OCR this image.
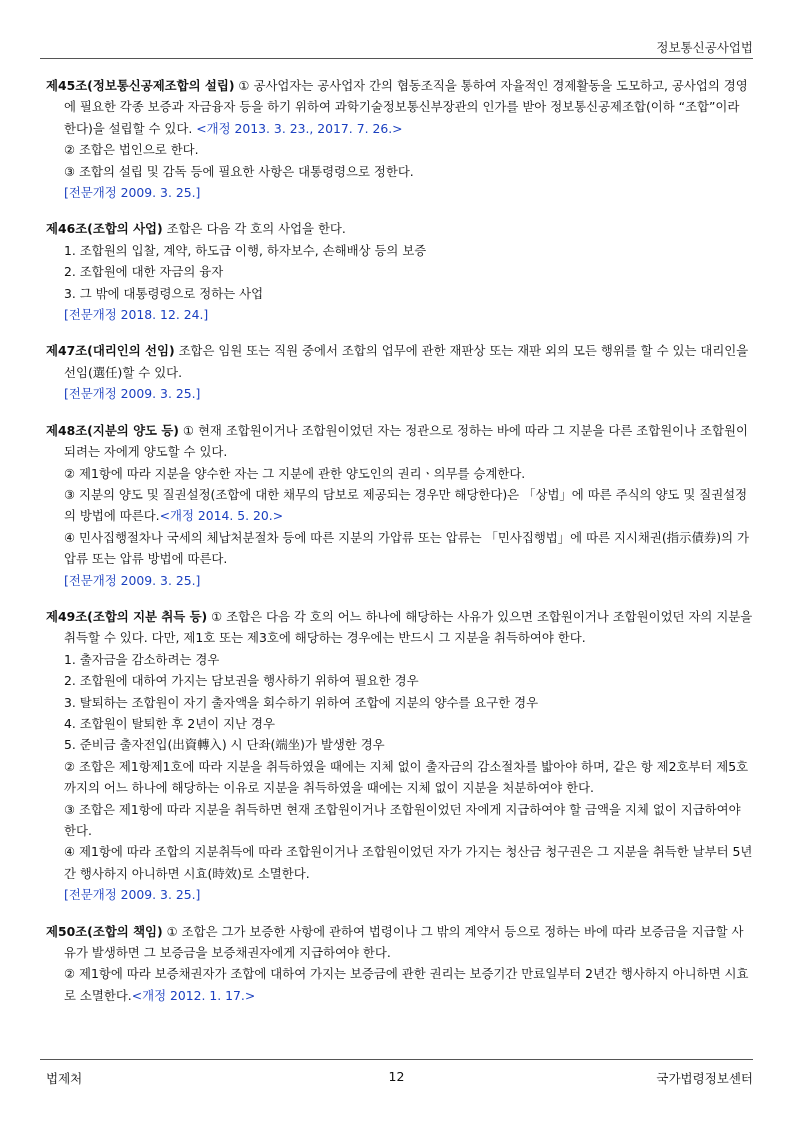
정보통신공사업법
제45조(정보통신공제조합의 설립) ① 공사업자는 공사업자 간의 협동조직을 통하여 자율적인 경제활동을 도모하고, 공사업의 경영에 필요한 각종 보증과 자금융자 등을 하기 위하여 과학기술정보통신부장관의 인가를 받아 정보통신공제조합(이하 “조합”이라 한다)을 설립할 수 있다. <개정 2013. 3. 23., 2017. 7. 26.>
② 조합은 법인으로 한다.
③ 조합의 설립 및 감독 등에 필요한 사항은 대통령령으로 정한다.
[전문개정 2009. 3. 25.]
제46조(조합의 사업) 조합은 다음 각 호의 사업을 한다.
1. 조합원의 입찰, 계약, 하도급 이행, 하자보수, 손해배상 등의 보증
2. 조합원에 대한 자금의 융자
3. 그 밖에 대통령령으로 정하는 사업
[전문개정 2018. 12. 24.]
제47조(대리인의 선임) 조합은 임원 또는 직원 중에서 조합의 업무에 관한 재판상 또는 재판 외의 모든 행위를 할 수 있는 대리인을 선임(選任)할 수 있다.
[전문개정 2009. 3. 25.]
제48조(지분의 양도 등) ① 현재 조합원이거나 조합원이었던 자는 정관으로 정하는 바에 따라 그 지분을 다른 조합원이나 조합원이 되려는 자에게 양도할 수 있다.
② 제1항에 따라 지분을 양수한 자는 그 지분에 관한 양도인의 권리ㆍ의무를 승계한다.
③ 지분의 양도 및 질권설정(조합에 대한 채무의 담보로 제공되는 경우만 해당한다)은 「상법」에 따른 주식의 양도 및 질권설정의 방법에 따른다.<개정 2014. 5. 20.>
④ 민사집행절차나 국세의 체납처분절차 등에 따른 지분의 가압류 또는 압류는 「민사집행법」에 따른 지시채권(指示債券)의 가압류 또는 압류 방법에 따른다.
[전문개정 2009. 3. 25.]
제49조(조합의 지분 취득 등) ① 조합은 다음 각 호의 어느 하나에 해당하는 사유가 있으면 조합원이거나 조합원이었던 자의 지분을 취득할 수 있다. 다만, 제1호 또는 제3호에 해당하는 경우에는 반드시 그 지분을 취득하여야 한다.
1. 출자금을 감소하려는 경우
2. 조합원에 대하여 가지는 담보권을 행사하기 위하여 필요한 경우
3. 탈퇴하는 조합원이 자기 출자액을 회수하기 위하여 조합에 지분의 양수를 요구한 경우
4. 조합원이 탈퇴한 후 2년이 지난 경우
5. 준비금 출자전입(出資轉入) 시 단좌(端坐)가 발생한 경우
② 조합은 제1항제1호에 따라 지분을 취득하였을 때에는 지체 없이 출자금의 감소절차를 밟아야 하며, 같은 항 제2호부터 제5호까지의 어느 하나에 해당하는 이유로 지분을 취득하였을 때에는 지체 없이 지분을 처분하여야 한다.
③ 조합은 제1항에 따라 지분을 취득하면 현재 조합원이거나 조합원이었던 자에게 지급하여야 할 금액을 지체 없이 지급하여야 한다.
④ 제1항에 따라 조합의 지분취득에 따라 조합원이거나 조합원이었던 자가 가지는 청산금 청구권은 그 지분을 취득한 날부터 5년간 행사하지 아니하면 시효(時效)로 소멸한다.
[전문개정 2009. 3. 25.]
제50조(조합의 책임) ① 조합은 그가 보증한 사항에 관하여 법령이나 그 밖의 계약서 등으로 정하는 바에 따라 보증금을 지급할 사유가 발생하면 그 보증금을 보증채권자에게 지급하여야 한다.
② 제1항에 따라 보증채권자가 조합에 대하여 가지는 보증금에 관한 권리는 보증기간 만료일부터 2년간 행사하지 아니하면 시효로 소멸한다.<개정 2012. 1. 17.>
법제처	12	국가법령정보센터
